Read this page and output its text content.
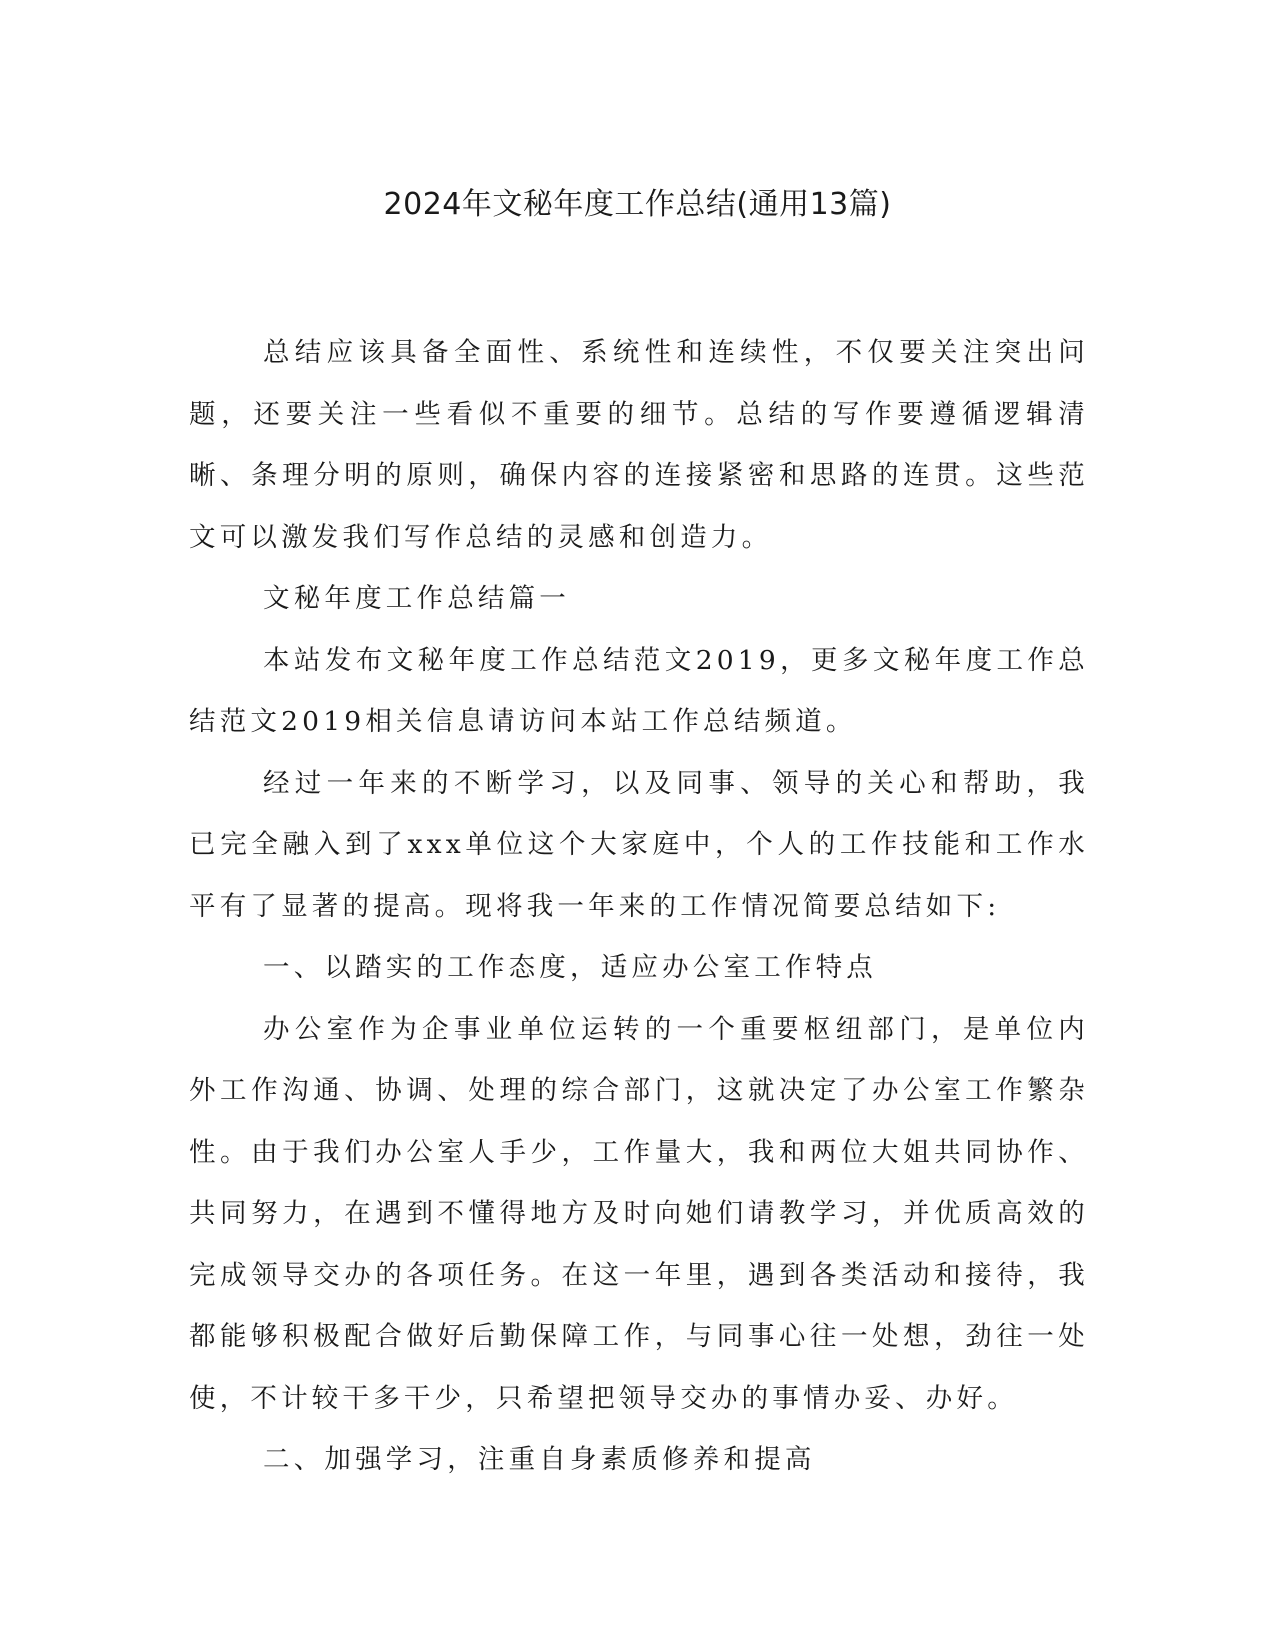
2024年文秘年度工作总结(通用13篇)

总结应该具备全面性、系统性和连续性，不仅要关注突出问题，还要关注一些看似不重要的细节。总结的写作要遵循逻辑清晰、条理分明的原则，确保内容的连接紧密和思路的连贯。这些范文可以激发我们写作总结的灵感和创造力。

文秘年度工作总结篇一

本站发布文秘年度工作总结范文2019，更多文秘年度工作总结范文2019相关信息请访问本站工作总结频道。

经过一年来的不断学习，以及同事、领导的关心和帮助，我已完全融入到了xxx单位这个大家庭中，个人的工作技能和工作水平有了显著的提高。现将我一年来的工作情况简要总结如下:

一、以踏实的工作态度，适应办公室工作特点

办公室作为企事业单位运转的一个重要枢纽部门，是单位内外工作沟通、协调、处理的综合部门，这就决定了办公室工作繁杂性。由于我们办公室人手少，工作量大，我和两位大姐共同协作、共同努力，在遇到不懂得地方及时向她们请教学习，并优质高效的完成领导交办的各项任务。在这一年里，遇到各类活动和接待，我都能够积极配合做好后勤保障工作，与同事心往一处想，劲往一处使，不计较干多干少，只希望把领导交办的事情办妥、办好。

二、加强学习，注重自身素质修养和提高
